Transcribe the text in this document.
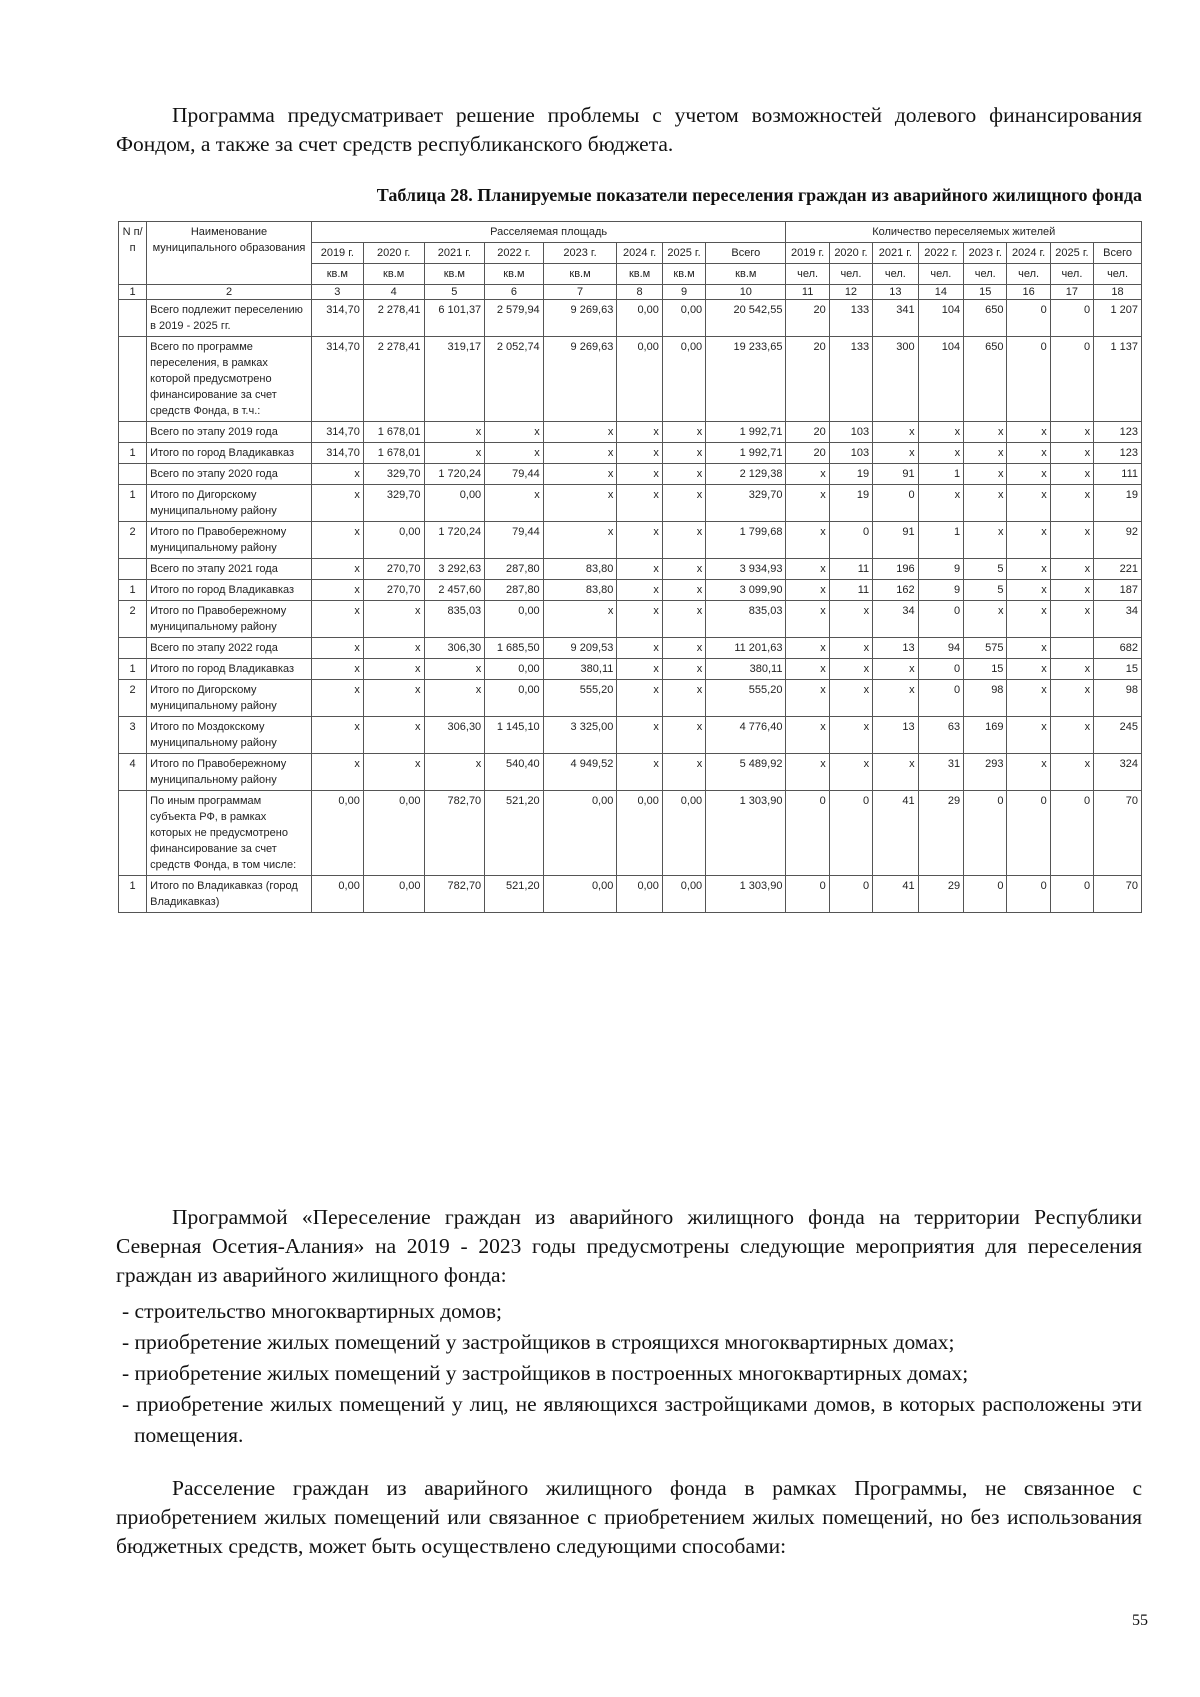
Программа предусматривает решение проблемы с учетом возможностей долевого финансирования Фондом, а также за счет средств республиканского бюджета.
Таблица 28. Планируемые показатели переселения граждан из аварийного жилищного фонда
N п/п	Наименование муниципального образования	Расселяемая площадь								Количество переселяемых жителей							
		2019 г.	2020 г.	2021 г.	2022 г.	2023 г.	2024 г.	2025 г.	Всего	2019 г.	2020 г.	2021 г.	2022 г.	2023 г.	2024 г.	2025 г.	Всего
		кв.м	кв.м	кв.м	кв.м	кв.м	кв.м	кв.м	кв.м	чел.	чел.	чел.	чел.	чел.	чел.	чел.	чел.
1	2	3	4	5	6	7	8	9	10	11	12	13	14	15	16	17	18
	Всего подлежит переселению в 2019 - 2025 гг.	314,70	2 278,41	6 101,37	2 579,94	9 269,63	0,00	0,00	20 542,55	20	133	341	104	650	0	0	1 207
	Всего по программе переселения, в рамках которой предусмотрено финансирование за счет средств Фонда, в т.ч.:	314,70	2 278,41	319,17	2 052,74	9 269,63	0,00	0,00	19 233,65	20	133	300	104	650	0	0	1 137
	Всего по этапу 2019 года	314,70	1 678,01	х	х	х	х	х	1 992,71	20	103	х	х	х	х	х	123
1	Итого по город Владикавказ	314,70	1 678,01	х	х	х	х	х	1 992,71	20	103	х	х	х	х	х	123
	Всего по этапу 2020 года	х	329,70	1 720,24	79,44	х	х	х	2 129,38	х	19	91	1	х	х	х	111
1	Итого по Дигорскому муниципальному району	х	329,70	0,00	х	х	х	х	329,70	х	19	0	х	х	х	х	19
2	Итого по Правобережному муниципальному району	х	0,00	1 720,24	79,44	х	х	х	1 799,68	х	0	91	1	х	х	х	92
	Всего по этапу 2021 года	х	270,70	3 292,63	287,80	83,80	х	х	3 934,93	х	11	196	9	5	х	х	221
1	Итого по город Владикавказ	х	270,70	2 457,60	287,80	83,80	х	х	3 099,90	х	11	162	9	5	х	х	187
2	Итого по Правобережному муниципальному району	х	х	835,03	0,00	х	х	х	835,03	х	х	34	0	х	х	х	34
	Всего по этапу 2022 года	х	х	306,30	1 685,50	9 209,53	х	х	11 201,63	х	х	13	94	575	х		682
1	Итого по город Владикавказ	х	х	х	0,00	380,11	х	х	380,11	х	х	х	0	15	х	х	15
2	Итого по Дигорскому муниципальному району	х	х	х	0,00	555,20	х	х	555,20	х	х	х	0	98	х	х	98
3	Итого по Моздокскому муниципальному району	х	х	306,30	1 145,10	3 325,00	х	х	4 776,40	х	х	13	63	169	х	х	245
4	Итого по Правобережному муниципальному району	х	х	х	540,40	4 949,52	х	х	5 489,92	х	х	х	31	293	х	х	324
	По иным программам субъекта РФ, в рамках которых не предусмотрено финансирование за счет средств Фонда, в том числе:	0,00	0,00	782,70	521,20	0,00	0,00	0,00	1 303,90	0	0	41	29	0	0	0	70
1	Итого по Владикавказ (город Владикавказ)	0,00	0,00	782,70	521,20	0,00	0,00	0,00	1 303,90	0	0	41	29	0	0	0	70
Программой «Переселение граждан из аварийного жилищного фонда на территории Республики Северная Осетия-Алания» на 2019 - 2023 годы предусмотрены следующие мероприятия для переселения граждан из аварийного жилищного фонда:
- строительство многоквартирных домов;
- приобретение жилых помещений у застройщиков в строящихся многоквартирных домах;
- приобретение жилых помещений у застройщиков в построенных многоквартирных домах;
- приобретение жилых помещений у лиц, не являющихся застройщиками домов, в которых расположены эти помещения.
Расселение граждан из аварийного жилищного фонда в рамках Программы, не связанное с приобретением жилых помещений или связанное с приобретением жилых помещений, но без использования бюджетных средств, может быть осуществлено следующими способами:
55
